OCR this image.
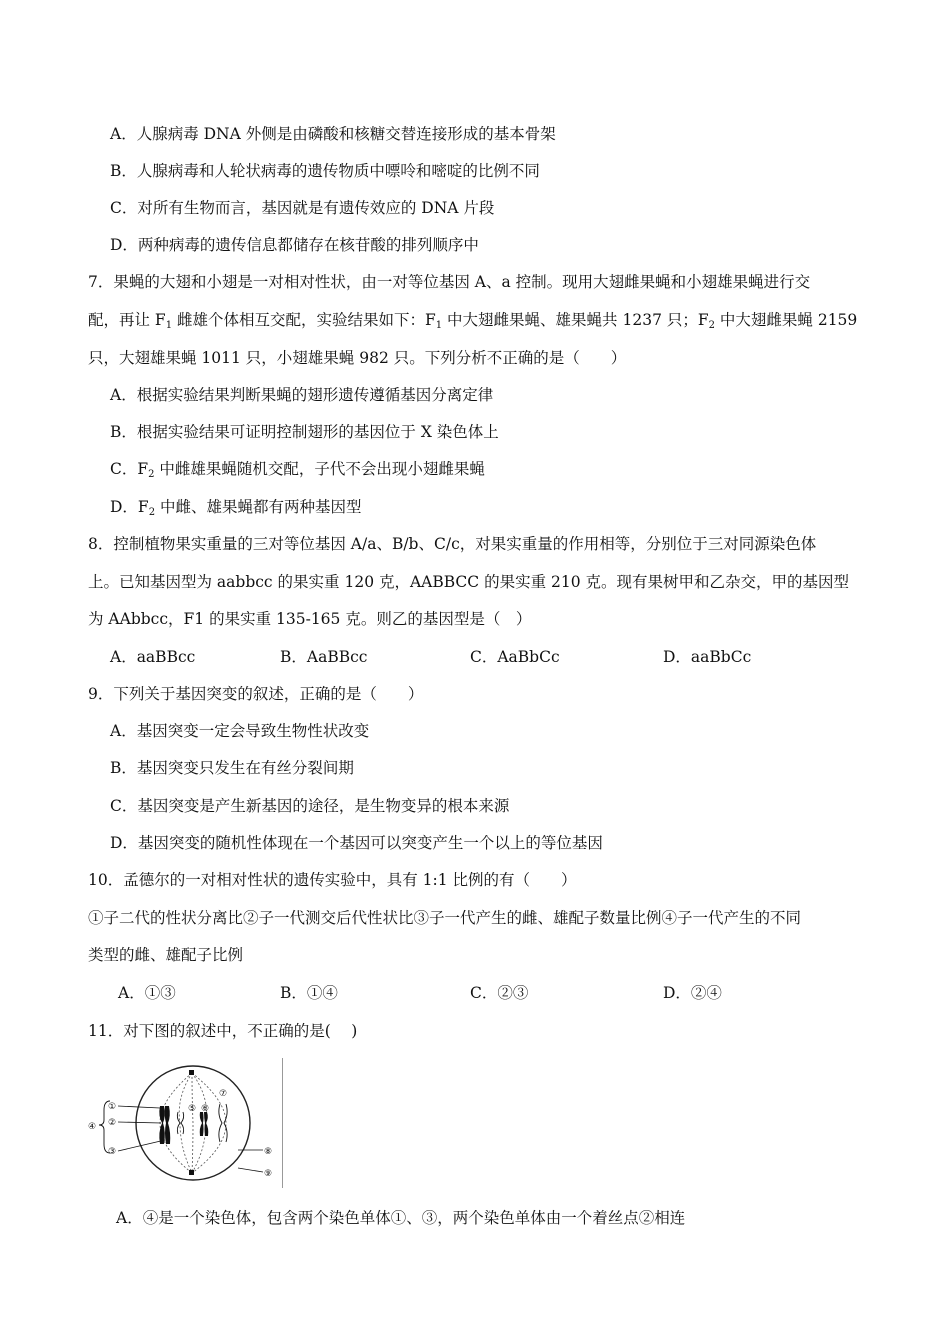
A．人腺病毒 DNA 外侧是由磷酸和核糖交替连接形成的基本骨架
B．人腺病毒和人轮状病毒的遗传物质中嘌呤和嘧啶的比例不同
C．对所有生物而言，基因就是有遗传效应的 DNA 片段
D．两种病毒的遗传信息都储存在核苷酸的排列顺序中
7．果蝇的大翅和小翅是一对相对性状，由一对等位基因 A、a 控制。现用大翅雌果蝇和小翅雄果蝇进行交
配，再让 $F_1$ 雌雄个体相互交配，实验结果如下：$F_1$ 中大翅雌果蝇、雄果蝇共 1237 只；$F_2$ 中大翅雌果蝇 2159
只，大翅雄果蝇 1011 只，小翅雄果蝇 982 只。下列分析不正确的是（　　）
A．根据实验结果判断果蝇的翅形遗传遵循基因分离定律
B．根据实验结果可证明控制翅形的基因位于 X 染色体上
C．$F_2$ 中雌雄果蝇随机交配，子代不会出现小翅雌果蝇
D．$F_2$ 中雌、雄果蝇都有两种基因型
8．控制植物果实重量的三对等位基因 A/a、B/b、C/c，对果实重量的作用相等，分别位于三对同源染色体
上。已知基因型为 aabbcc 的果实重 120 克，AABBCC 的果实重 210 克。现有果树甲和乙杂交，甲的基因型
为 AAbbcc，F1 的果实重 135-165 克。则乙的基因型是（　）
A．aaBBcc	B．AaBBcc	C．AaBbCc	D．aaBbCc
9．下列关于基因突变的叙述，正确的是（　　）
A．基因突变一定会导致生物性状改变
B．基因突变只发生在有丝分裂间期
C．基因突变是产生新基因的途径，是生物变异的根本来源
D．基因突变的随机性体现在一个基因可以突变产生一个以上的等位基因
10．孟德尔的一对相对性状的遗传实验中，具有 1:1 比例的有（　　）
①子二代的性状分离比②子一代测交后代性状比③子一代产生的雌、雄配子数量比例④子一代产生的不同
类型的雌、雄配子比例
A．①③	B．①④	C．②③	D．②④
11．对下图的叙述中，不正确的是(　 )
①
②
③
④
⑤ ⑥
⑦
⑧
⑨
A．④是一个染色体，包含两个染色单体①、③，两个染色单体由一个着丝点②相连
